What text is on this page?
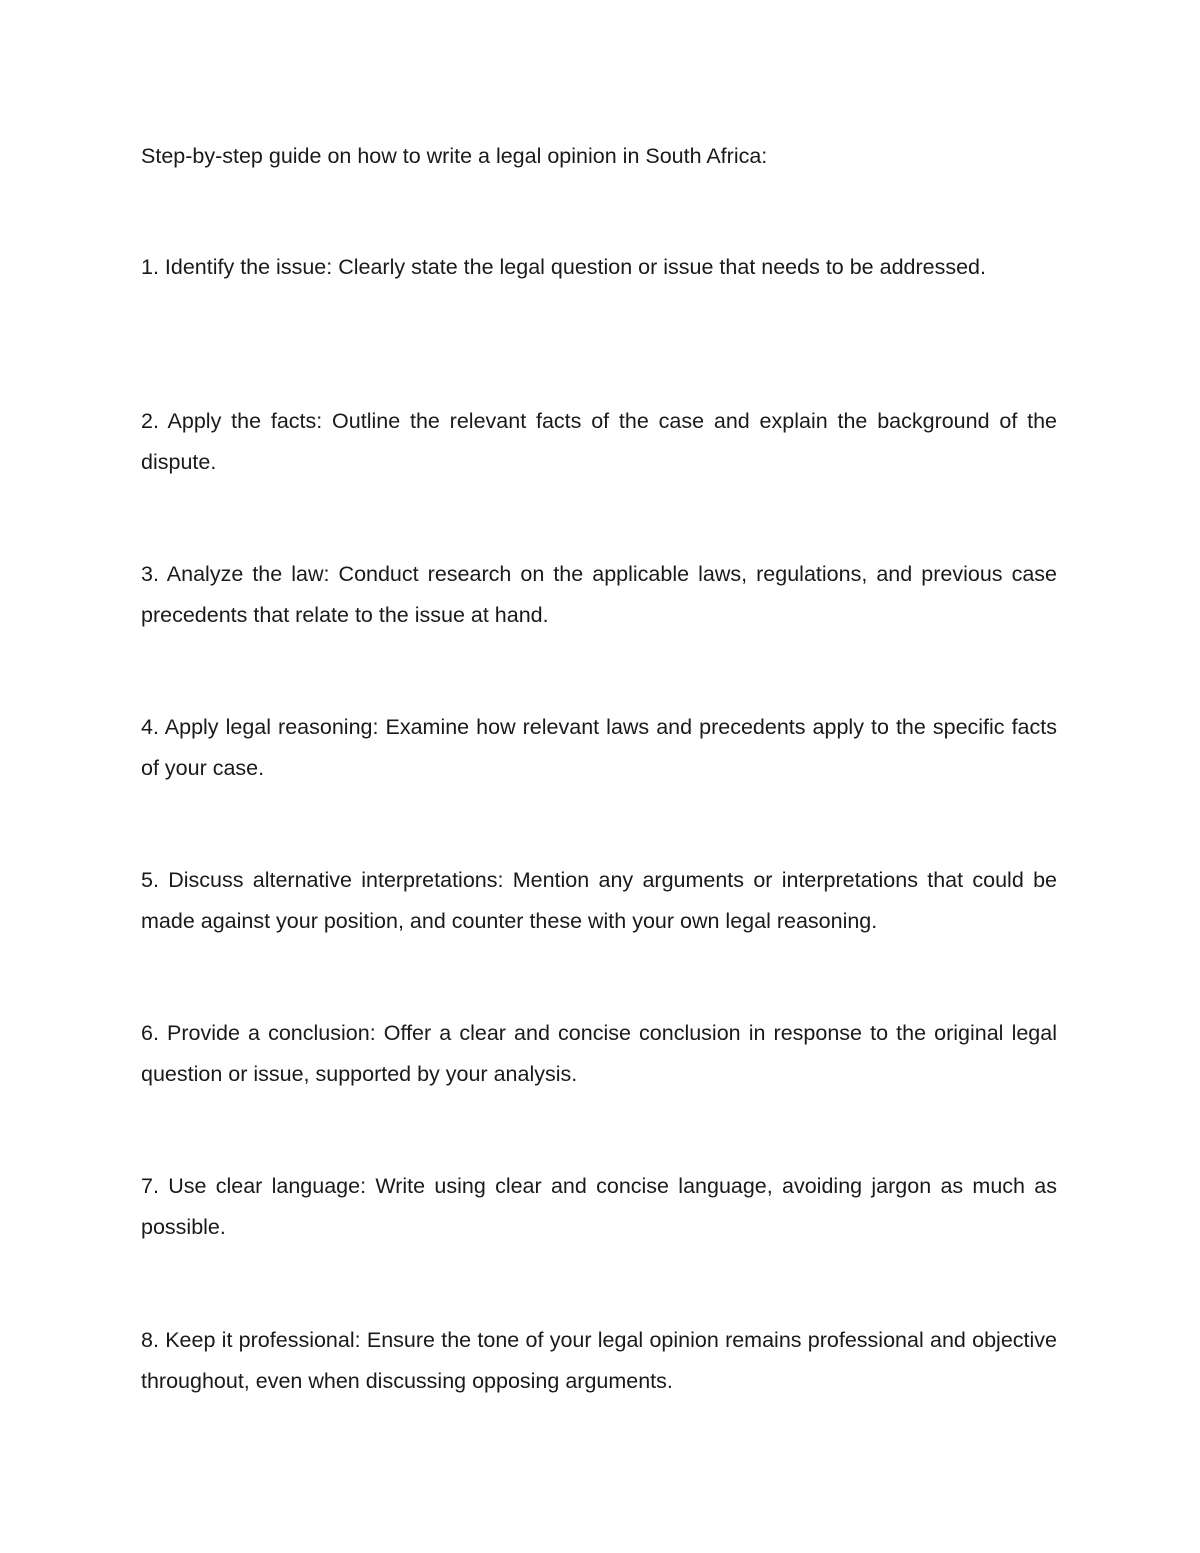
Step-by-step guide on how to write a legal opinion in South Africa:

1. Identify the issue: Clearly state the legal question or issue that needs to be addressed.

2. Apply the facts: Outline the relevant facts of the case and explain the background of the dispute.

3. Analyze the law: Conduct research on the applicable laws, regulations, and previous case precedents that relate to the issue at hand.

4. Apply legal reasoning: Examine how relevant laws and precedents apply to the specific facts of your case.

5. Discuss alternative interpretations: Mention any arguments or interpretations that could be made against your position, and counter these with your own legal reasoning.

6. Provide a conclusion: Offer a clear and concise conclusion in response to the original legal question or issue, supported by your analysis.

7. Use clear language: Write using clear and concise language, avoiding jargon as much as possible.

8. Keep it professional: Ensure the tone of your legal opinion remains professional and objective throughout, even when discussing opposing arguments.
